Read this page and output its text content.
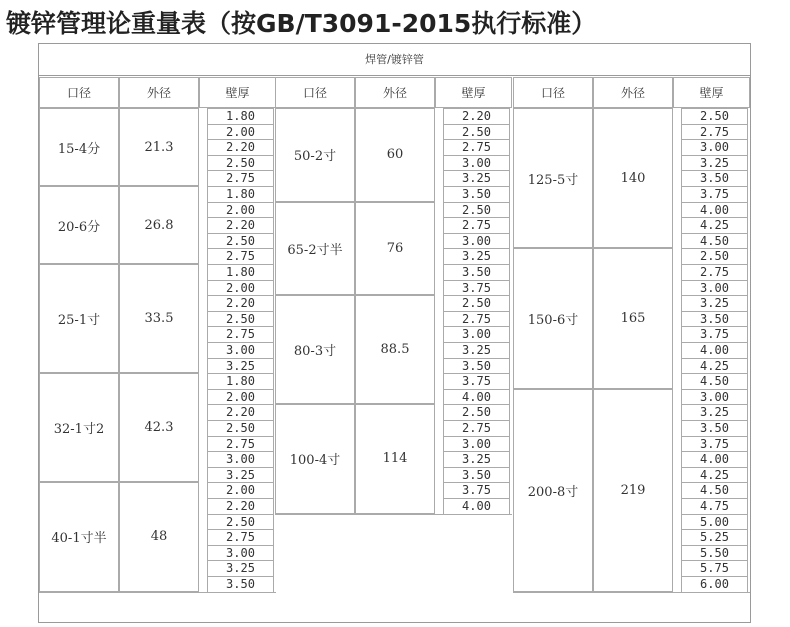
镀锌管理论重量表（按GB/T3091-2015执行标准）
焊管/镀锌管
口径	外径	壁厚
15-4分	21.3
1.80
2.00
2.20
2.50
2.75
20-6分	26.8
1.80
2.00
2.20
2.50
2.75
25-1寸	33.5
1.80
2.00
2.20
2.50
2.75
3.00
3.25
32-1寸2	42.3
1.80
2.00
2.20
2.50
2.75
3.00
3.25
40-1寸半	48
2.00
2.20
2.50
2.75
3.00
3.25
3.50
口径	外径	壁厚
50-2寸	60
2.20
2.50
2.75
3.00
3.25
3.50
65-2寸半	76
2.50
2.75
3.00
3.25
3.50
3.75
80-3寸	88.5
2.50
2.75
3.00
3.25
3.50
3.75
4.00
100-4寸	114
2.50
2.75
3.00
3.25
3.50
3.75
4.00
口径	外径	壁厚
125-5寸	140
2.50
2.75
3.00
3.25
3.50
3.75
4.00
4.25
4.50
150-6寸	165
2.50
2.75
3.00
3.25
3.50
3.75
4.00
4.25
4.50
200-8寸	219
3.00
3.25
3.50
3.75
4.00
4.25
4.50
4.75
5.00
5.25
5.50
5.75
6.00
